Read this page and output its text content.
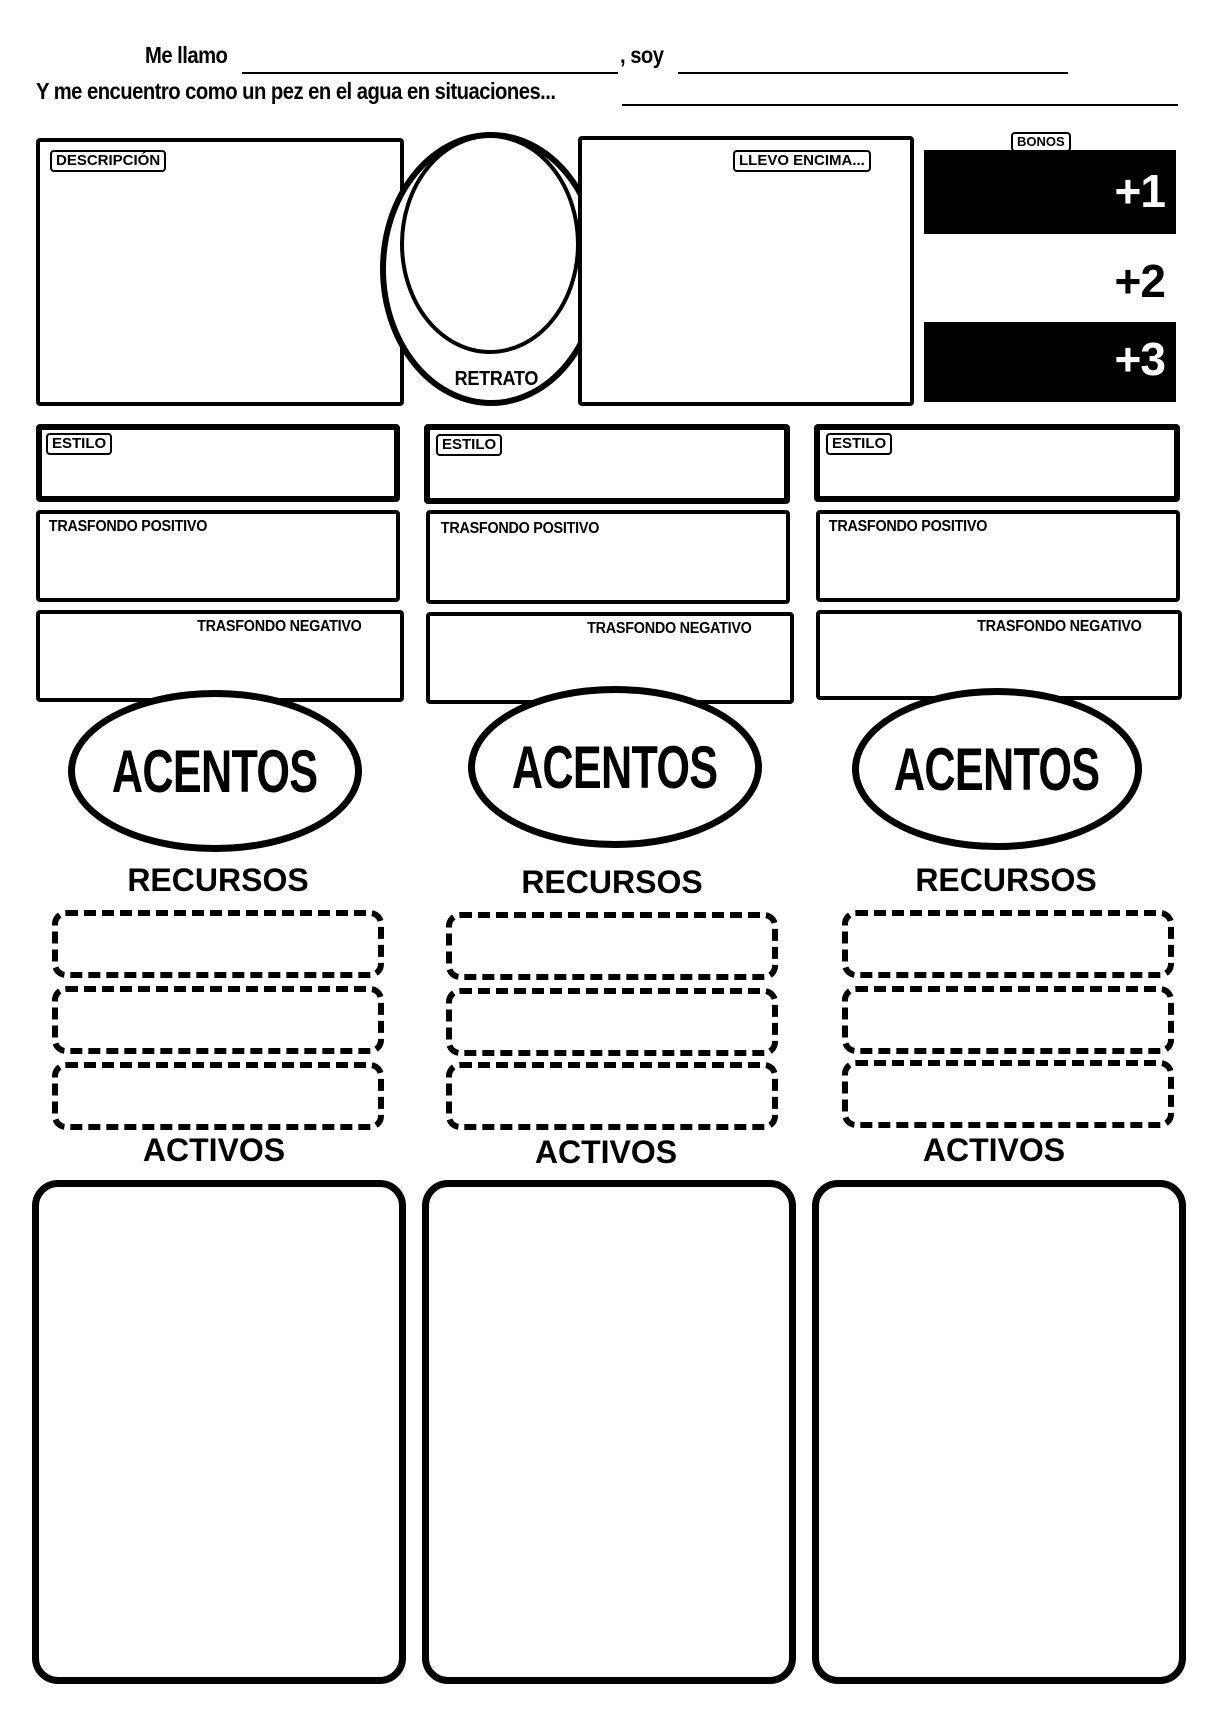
Me llamo	, soy
Y me encuentro como un pez en el agua en situaciones...
DESCRIPCIÓN
RETRATO
LLEVO ENCIMA...
BONOS
+1
+2
+3
ESTILO
TRASFONDO POSITIVO
TRASFONDO NEGATIVO
ACENTOS
RECURSOS
ACTIVOS
ESTILO
TRASFONDO POSITIVO
TRASFONDO NEGATIVO
ACENTOS
RECURSOS
ACTIVOS
ESTILO
TRASFONDO POSITIVO
TRASFONDO NEGATIVO
ACENTOS
RECURSOS
ACTIVOS
